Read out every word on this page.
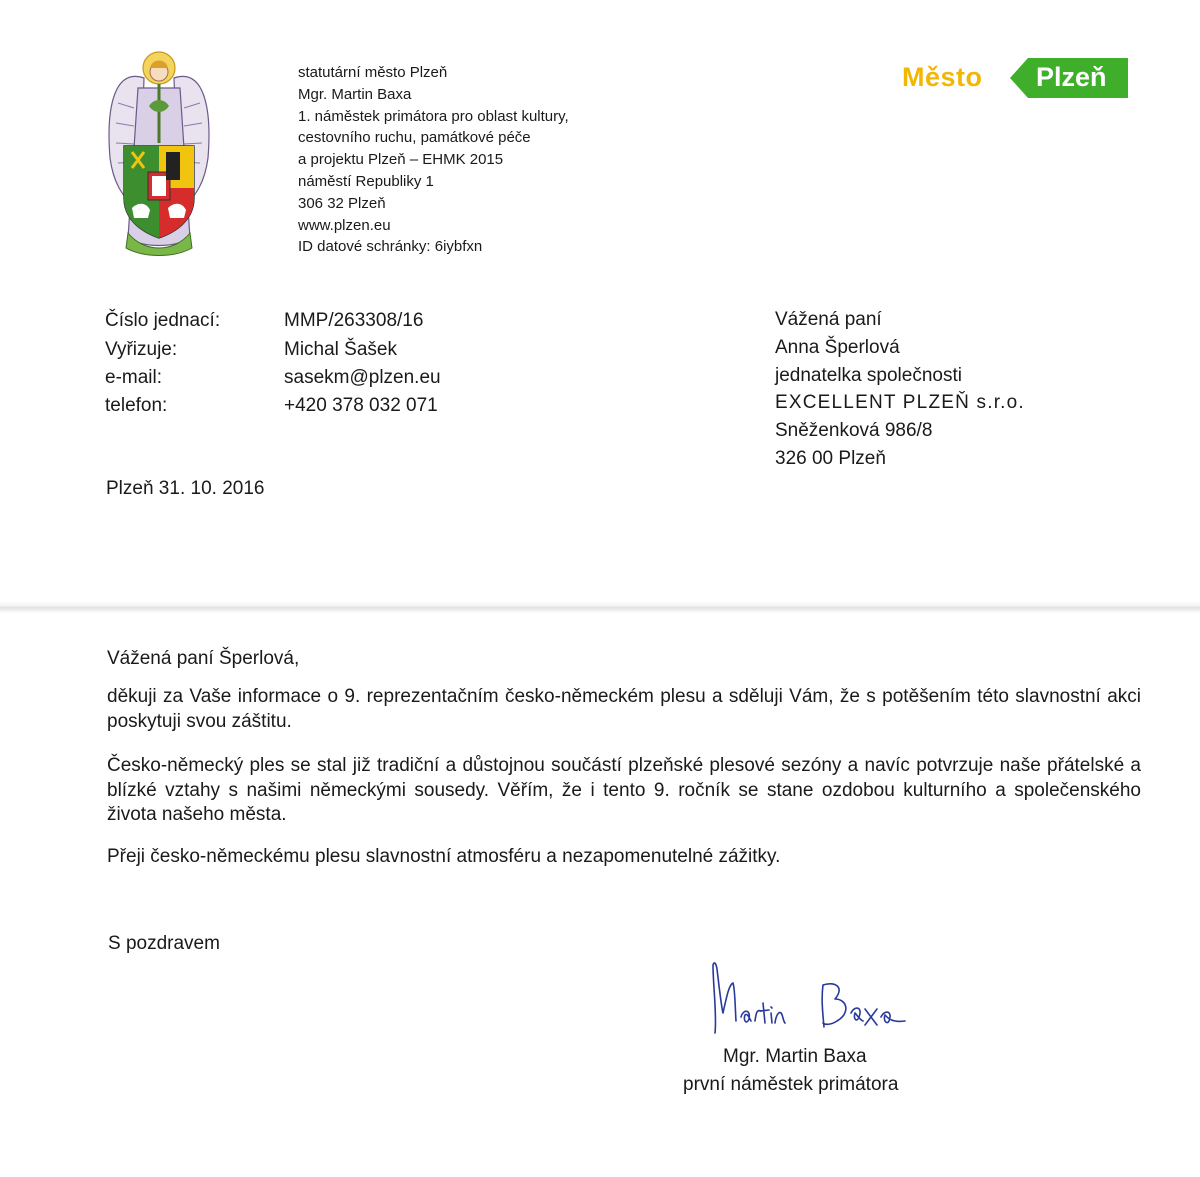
statutární město Plzeň
Mgr. Martin Baxa
1. náměstek primátora pro oblast kultury,
cestovního ruchu, památkové péče
a projektu Plzeň – EHMK 2015
náměstí Republiky 1
306 32 Plzeň
www.plzen.eu
ID datové schránky: 6iybfxn
Město Plzeň
Číslo jednací:	MMP/263308/16
Vyřizuje:	Michal Šašek
e-mail:	sasekm@plzen.eu
telefon:	+420 378 032 071
Vážená paní
Anna Šperlová
jednatelka společnosti
EXCELLENT PLZEŇ s.r.o.
Sněženková 986/8
326 00 Plzeň
Plzeň 31. 10. 2016
Vážená paní Šperlová,
děkuji za Vaše informace o 9. reprezentačním česko-německém plesu a sděluji Vám, že s potěšením této slavnostní akci poskytuji svou záštitu.
Česko-německý ples se stal již tradiční a důstojnou součástí plzeňské plesové sezóny a navíc potvrzuje naše přátelské a blízké vztahy s našimi německými sousedy. Věřím, že i tento 9. ročník se stane ozdobou kulturního a společenského života našeho města.
Přeji česko-německému plesu slavnostní atmosféru a nezapomenutelné zážitky.
S pozdravem
Mgr. Martin Baxa
první náměstek primátora
